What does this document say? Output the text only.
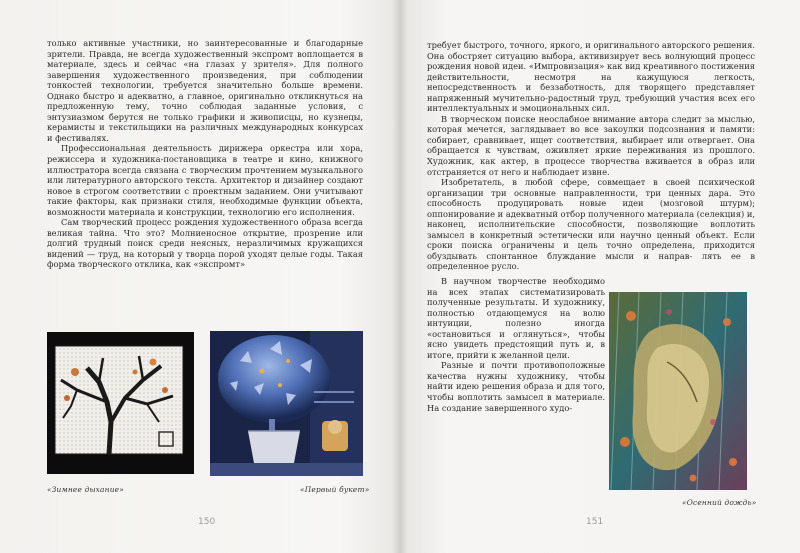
только активные участники, но заинтересованные и благодарные зрители. Правда, не всегда художественный экспромт воплощается в материале, здесь и сейчас «на глазах у зрителя». Для полного завершения художественного произведения, при соблюдении тонкостей технологии, требуется значительно больше времени. Однако быстро и адекватно, а главное, оригинально откликнуться на предложенную тему, точно соблюдая заданные условия, с энтузиазмом берутся не только графики и живописцы, но кузнецы, керамисты и текстильщики на различных международных конкурсах и фестивалях.

Профессиональная деятельность дирижера оркестра или хора, режиссера и художника-постановщика в театре и кино, книжного иллюстратора всегда связана с творческим прочтением музыкального или литературного авторского текста. Архитектор и дизайнер создают новое в строгом соответствии с проектным заданием. Они учитывают такие факторы, как признаки стиля, необходимые функции объекта, возможности материала и конструкции, технологию его исполнения.

Сам творческий процесс рождения художественного образа всегда великая тайна. Что это? Молниеносное открытие, прозрение или долгий трудный поиск среди неясных, неразличимых кружащихся видений — труд, на который у творца порой уходят целые годы. Такая форма творческого отклика, как «экспромт»

«Зимнее дыхание»	«Первый букет»
150

требует быстрого, точного, яркого, и оригинального авторского решения. Она обостряет ситуацию выбора, активизирует весь волнующий процесс рождения новой идеи. «Импровизация» как вид креативного постижения действительности, несмотря на кажущуюся легкость, непосредственность и беззаботность, для творящего представляет напряженный мучительно-радостный труд, требующий участия всех его интеллектуальных и эмоциональных сил.

В творческом поиске неослабное внимание автора следит за мыслью, которая мечется, заглядывает во все закоулки подсознания и памяти: собирает, сравнивает, ищет соответствия, выбирает или отвергает. Она обращается к чувствам, оживляет яркие переживания из прошлого. Художник, как актер, в процессе творчества вживается в образ или отстраняется от него и наблюдает извне.

Изобретатель, в любой сфере, совмещает в своей психической организации три основные направленности, три ценных дара. Это способность продуцировать новые идеи (мозговой штурм); оппонирование и адекватный отбор полученного материала (селекция) и, наконец, исполнительские способности, позволяющие воплотить замысел в конкретный эстетически или научно ценный объект. Если сроки поиска ограничены и цель точно определена, приходится обуздывать спонтанное блуждание мысли и направ- лять ее в определенное русло.

В научном творчестве необходимо на всех этапах систематизировать полученные результаты. И художнику, полностью отдающемуся на волю интуиции, полезно иногда «остановиться и оглянуться», чтобы ясно увидеть предстоящий путь и, в итоге, прийти к желанной цели.

Разные и почти противоположные качества нужны художнику, чтобы найти идею решения образа и для того, чтобы воплотить замысел в материале. На создание завершенного худо-

«Осенний дождь»
151
